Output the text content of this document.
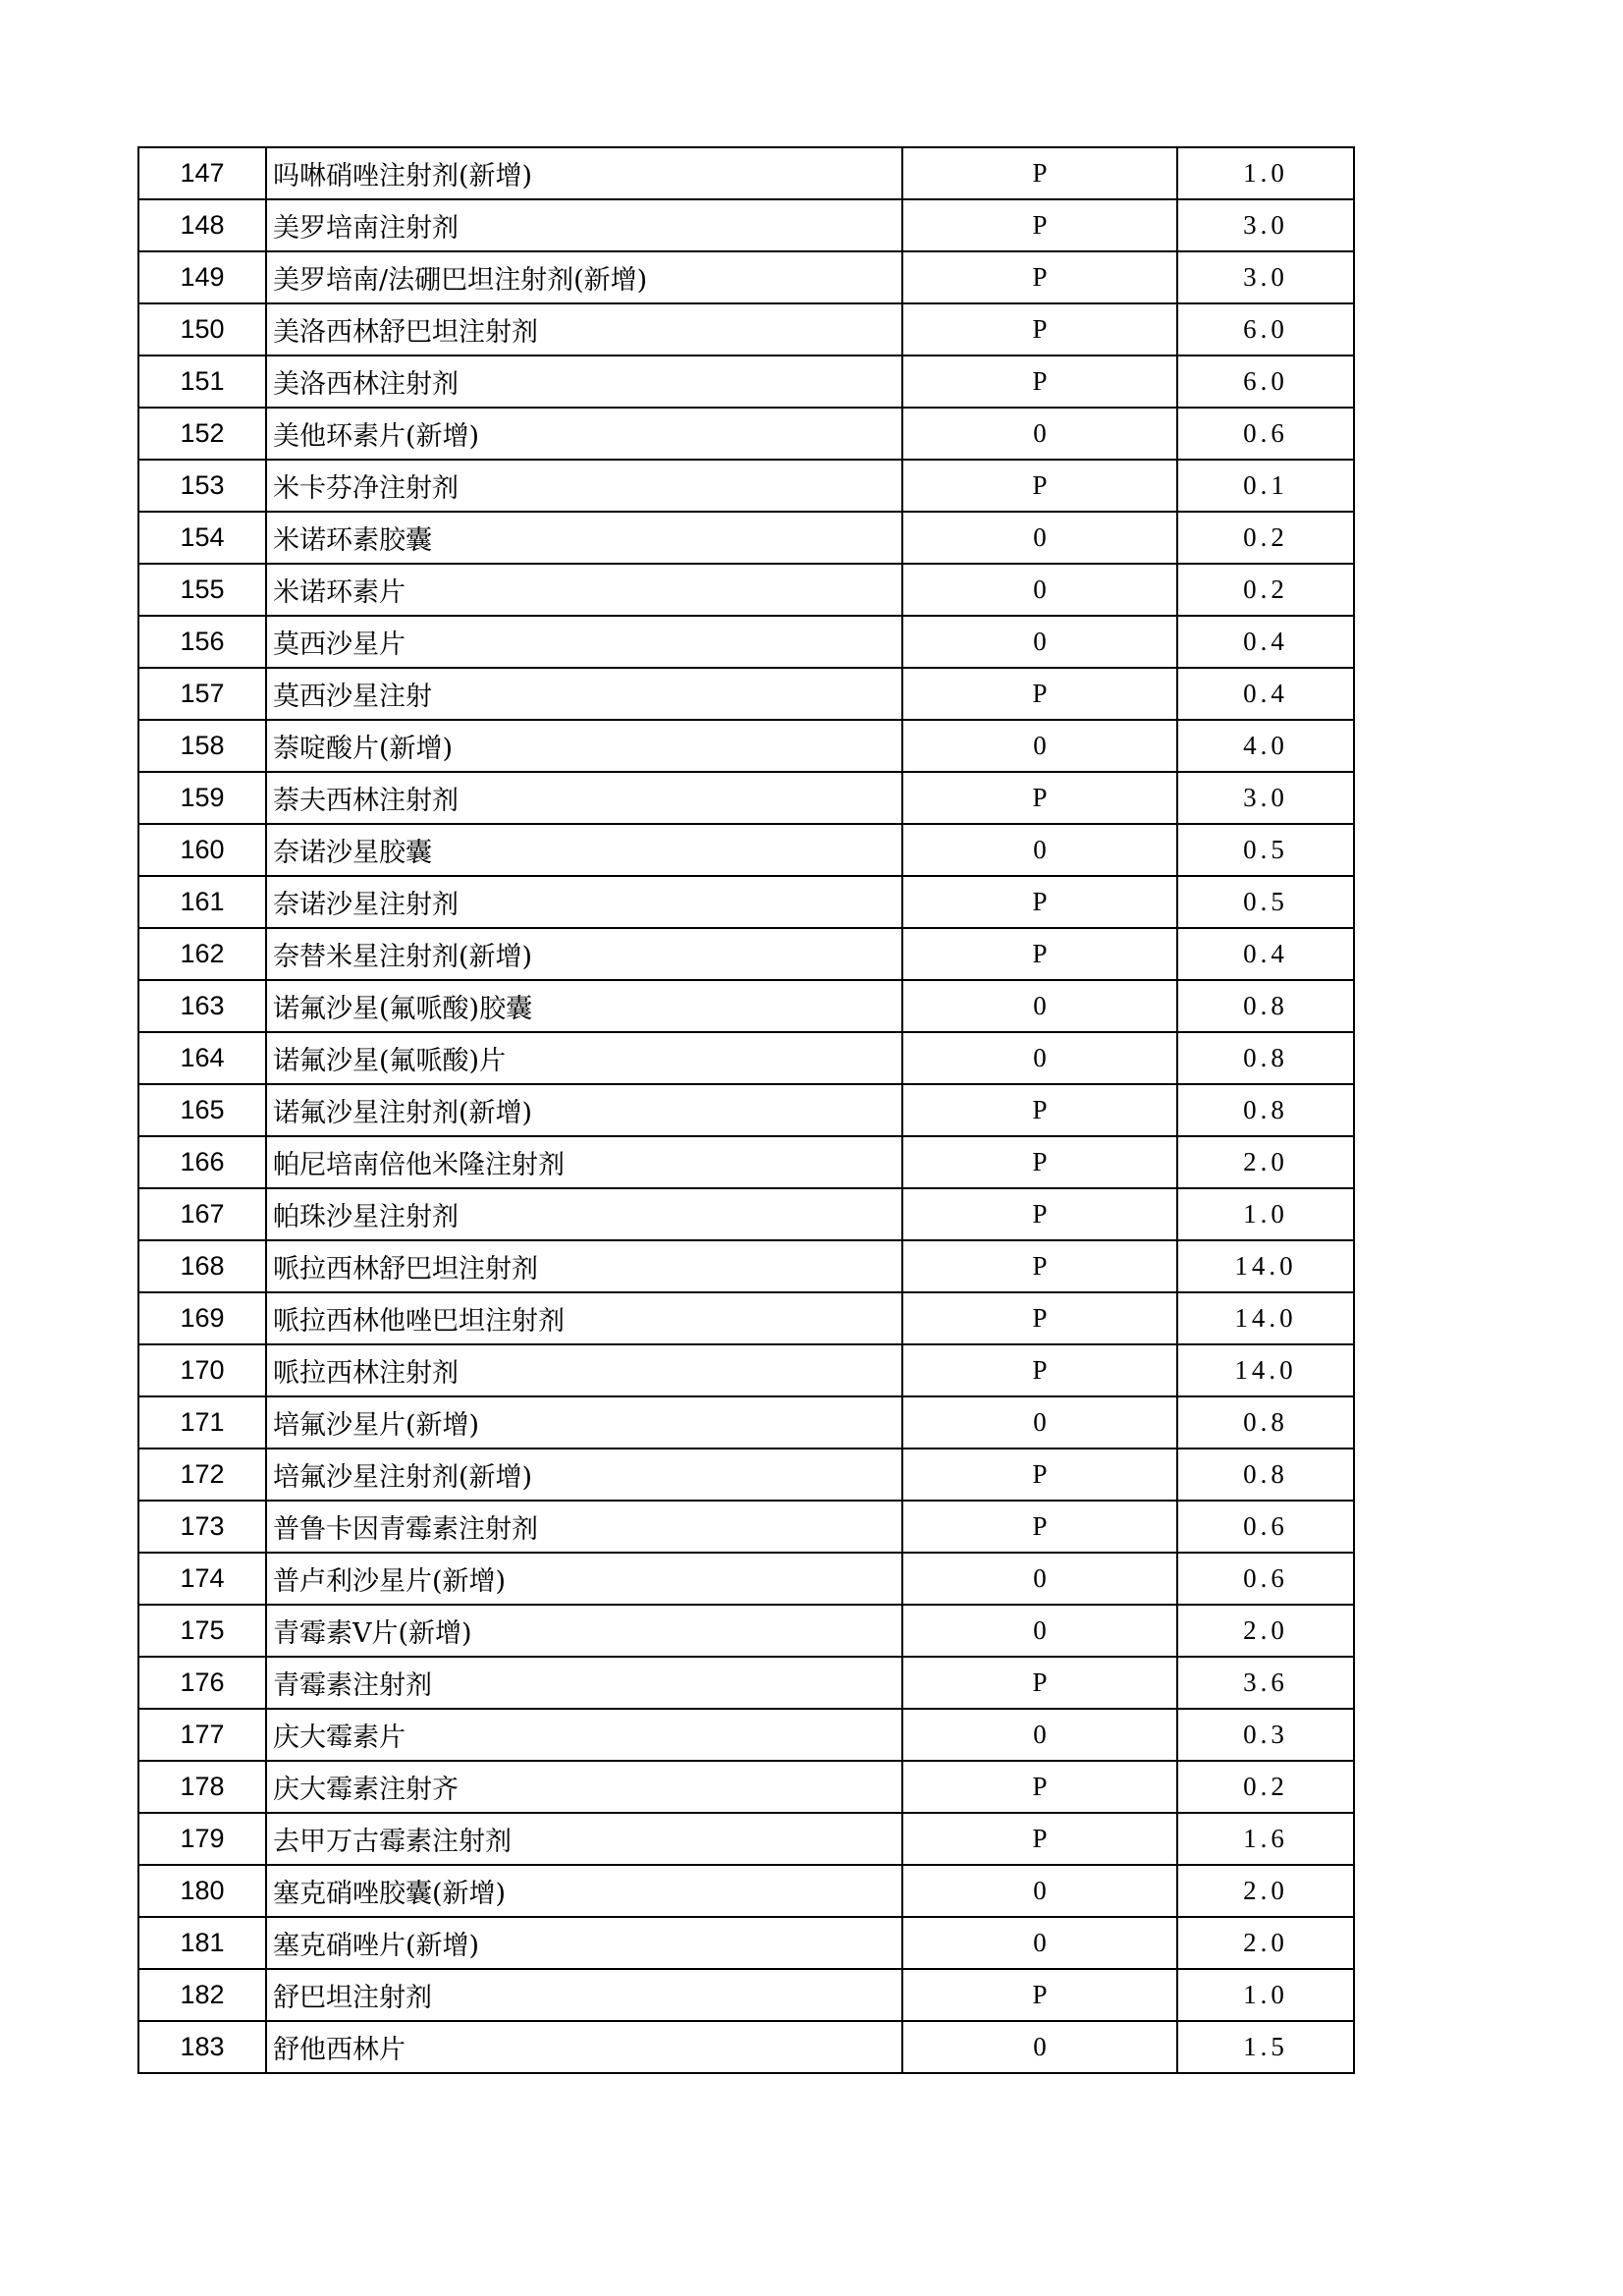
147	吗啉硝唑注射剂(新增)	P	1.0
148	美罗培南注射剂	P	3.0
149	美罗培南/法硼巴坦注射剂(新增)	P	3.0
150	美洛西林舒巴坦注射剂	P	6.0
151	美洛西林注射剂	P	6.0
152	美他环素片(新增)	0	0.6
153	米卡芬净注射剂	P	0.1
154	米诺环素胶囊	0	0.2
155	米诺环素片	0	0.2
156	莫西沙星片	0	0.4
157	莫西沙星注射	P	0.4
158	萘啶酸片(新增)	0	4.0
159	萘夫西林注射剂	P	3.0
160	奈诺沙星胶囊	0	0.5
161	奈诺沙星注射剂	P	0.5
162	奈替米星注射剂(新增)	P	0.4
163	诺氟沙星(氟哌酸)胶囊	0	0.8
164	诺氟沙星(氟哌酸)片	0	0.8
165	诺氟沙星注射剂(新增)	P	0.8
166	帕尼培南倍他米隆注射剂	P	2.0
167	帕珠沙星注射剂	P	1.0
168	哌拉西林舒巴坦注射剂	P	14.0
169	哌拉西林他唑巴坦注射剂	P	14.0
170	哌拉西林注射剂	P	14.0
171	培氟沙星片(新增)	0	0.8
172	培氟沙星注射剂(新增)	P	0.8
173	普鲁卡因青霉素注射剂	P	0.6
174	普卢利沙星片(新增)	0	0.6
175	青霉素V片(新增)	0	2.0
176	青霉素注射剂	P	3.6
177	庆大霉素片	0	0.3
178	庆大霉素注射齐	P	0.2
179	去甲万古霉素注射剂	P	1.6
180	塞克硝唑胶囊(新增)	0	2.0
181	塞克硝唑片(新增)	0	2.0
182	舒巴坦注射剂	P	1.0
183	舒他西林片	0	1.5
